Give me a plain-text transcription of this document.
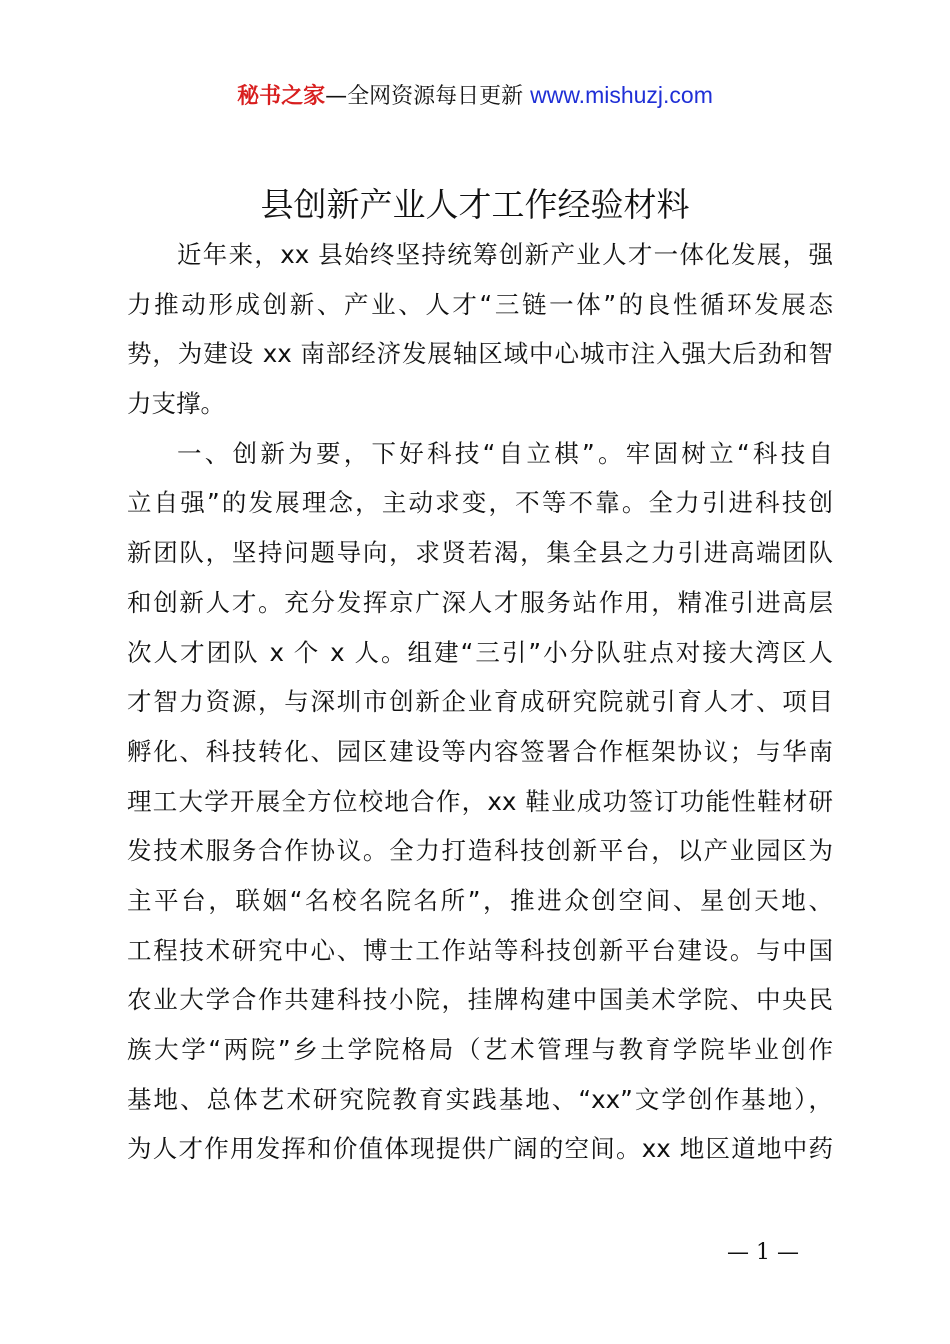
秘书之家—全网资源每日更新 www.mishuzj.com
县创新产业人才工作经验材料
近年来，xx 县始终坚持统筹创新产业人才一体化发展，强
力推动形成创新、产业、人才“三链一体”的良性循环发展态
势，为建设 xx 南部经济发展轴区域中心城市注入强大后劲和智
力支撑。
一、创新为要，下好科技“自立棋”。牢固树立“科技自
立自强”的发展理念，主动求变，不等不靠。全力引进科技创
新团队，坚持问题导向，求贤若渴，集全县之力引进高端团队
和创新人才。充分发挥京广深人才服务站作用，精准引进高层
次人才团队 x 个 x 人。组建“三引”小分队驻点对接大湾区人
才智力资源，与深圳市创新企业育成研究院就引育人才、项目
孵化、科技转化、园区建设等内容签署合作框架协议；与华南
理工大学开展全方位校地合作，xx 鞋业成功签订功能性鞋材研
发技术服务合作协议。全力打造科技创新平台，以产业园区为
主平台，联姻“名校名院名所”，推进众创空间、星创天地、
工程技术研究中心、博士工作站等科技创新平台建设。与中国
农业大学合作共建科技小院，挂牌构建中国美术学院、中央民
族大学“两院”乡土学院格局（艺术管理与教育学院毕业创作
基地、总体艺术研究院教育实践基地、“xx”文学创作基地），
为人才作用发挥和价值体现提供广阔的空间。xx 地区道地中药
— 1 —
